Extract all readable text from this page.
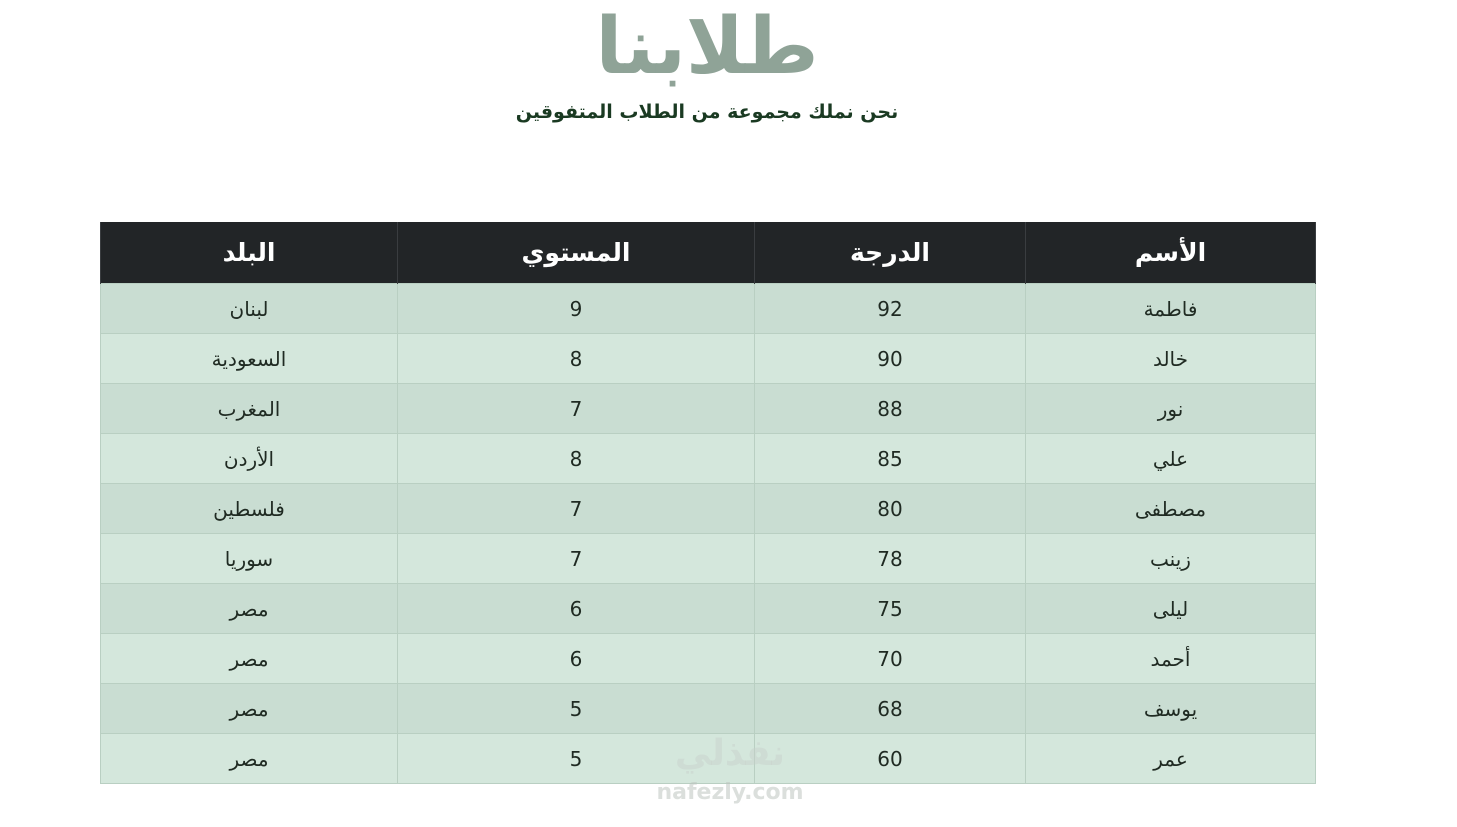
طلابنا
نحن نملك مجموعة من الطلاب المتفوقين
الأسم	الدرجة	المستوي	البلد
فاطمة	92	9	لبنان
خالد	90	8	السعودية
نور	88	7	المغرب
علي	85	8	الأردن
مصطفى	80	7	فلسطين
زينب	78	7	سوريا
ليلى	75	6	مصر
أحمد	70	6	مصر
يوسف	68	5	مصر
عمر	60	5	مصر	نفذلي
nafezly.com
